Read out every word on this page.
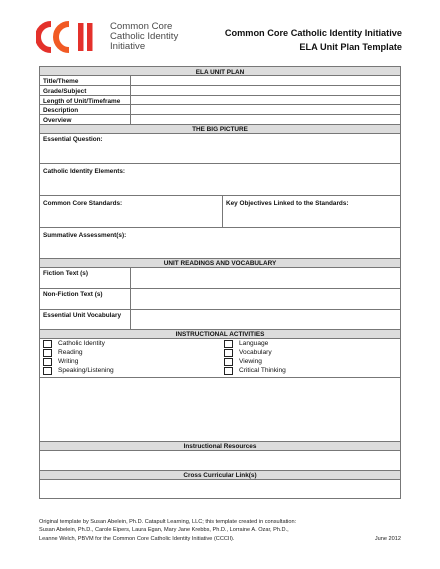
Common Core
Catholic Identity
Initiative
Common Core Catholic Identity Initiative
ELA Unit Plan Template
ELA UNIT PLAN
Title/Theme
Grade/Subject
Length of Unit/Timeframe
Description
Overview
THE BIG PICTURE
Essential Question:
Catholic Identity Elements:
Common Core Standards:	Key Objectives Linked to the Standards:
Summative Assessment(s):
UNIT READINGS AND VOCABULARY
Fiction Text (s)
Non-Fiction Text (s)
Essential Unit Vocabulary
INSTRUCTIONAL ACTIVITIES
Catholic Identity
Reading
Writing
Speaking/Listening
Language
Vocabulary
Viewing
Critical Thinking
Instructional Resources
Cross Curricular Link(s)
Original template by Susan Abelein, Ph.D. Catapult Learning, LLC; this template created in consultation:
Susan Abelein, Ph.D., Carole Eipers, Laura Egan, Mary Jane Krebbs, Ph.D., Lorraine A. Ozar, Ph.D.,
Leanne Welch, PBVM for the Common Core Catholic Identity Initiative (CCCII).	June 2012
